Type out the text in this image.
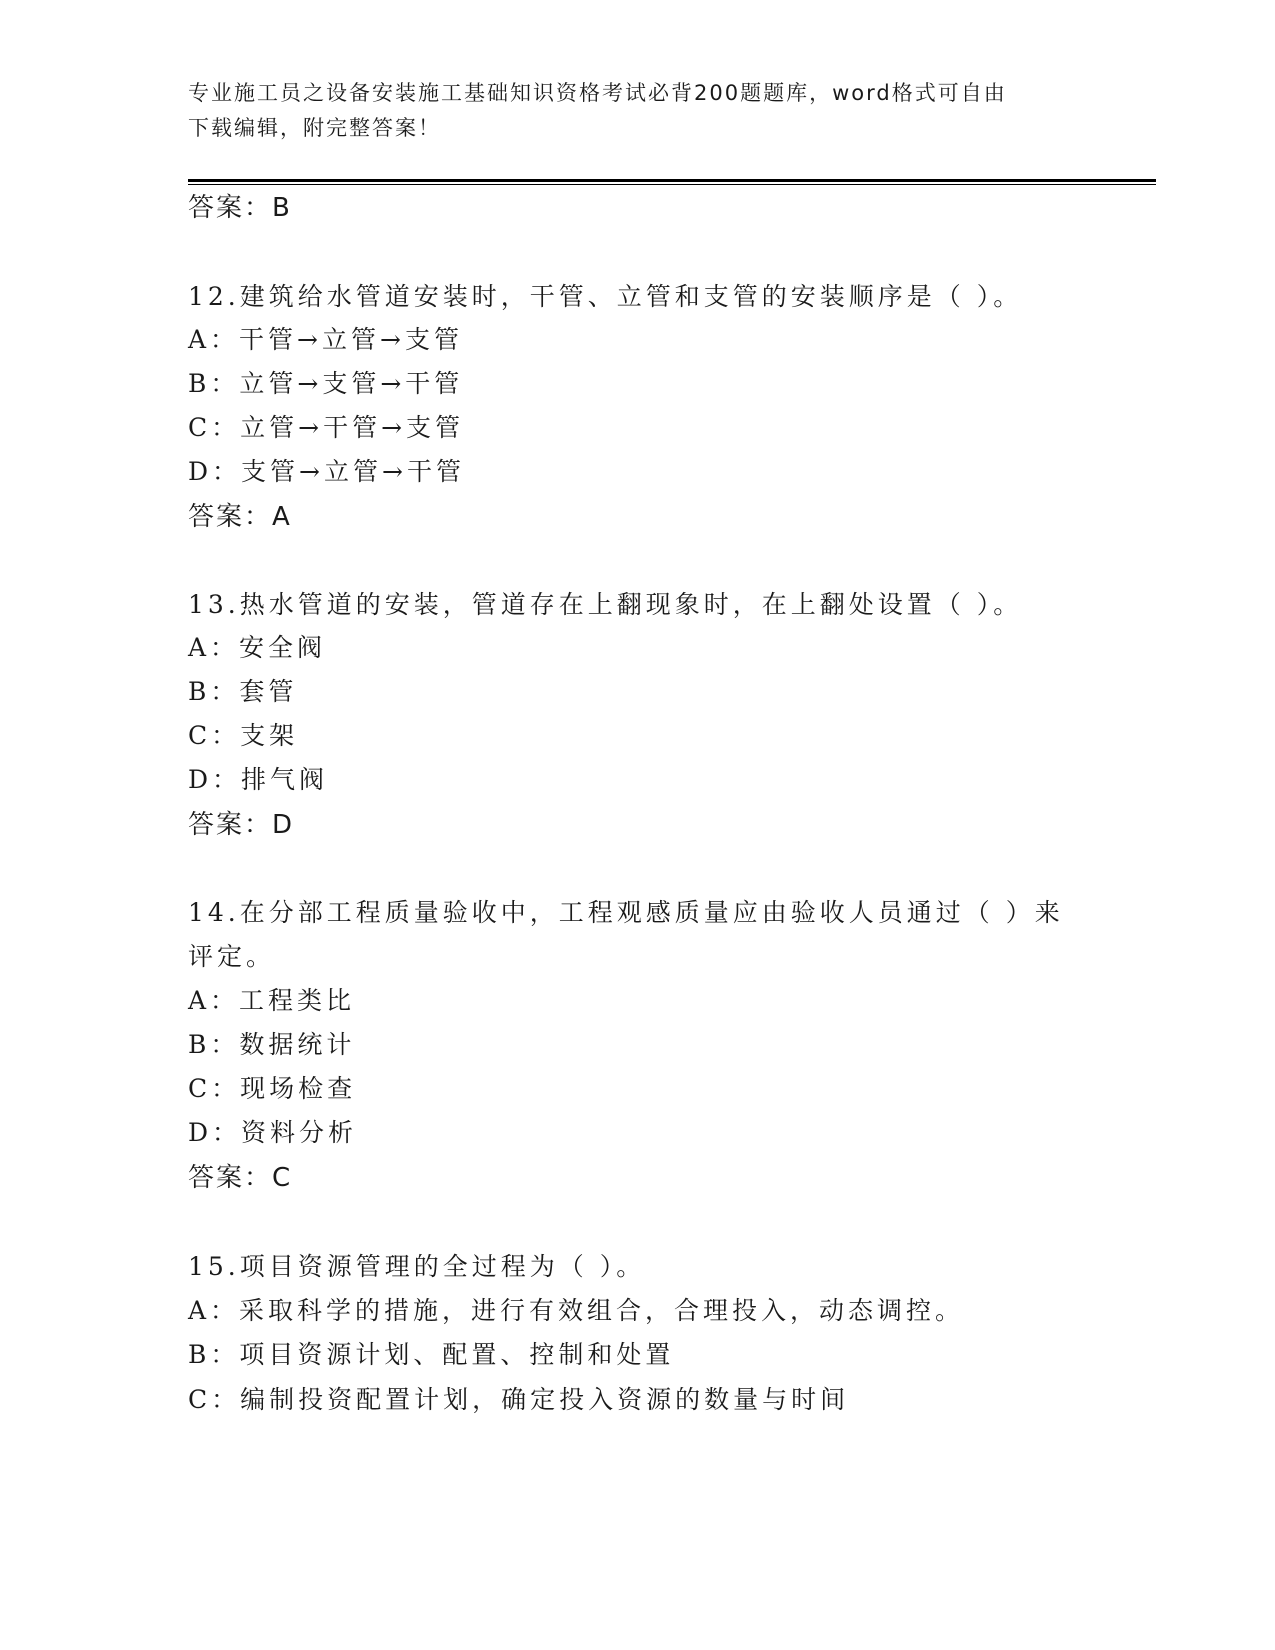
专业施工员之设备安装施工基础知识资格考试必背200题题库，word格式可自由
下载编辑，附完整答案！
答案：B
12.建筑给水管道安装时，干管、立管和支管的安装顺序是（ ）。
A：干管→立管→支管
B：立管→支管→干管
C：立管→干管→支管
D：支管→立管→干管
答案：A
13.热水管道的安装，管道存在上翻现象时，在上翻处设置（ ）。
A：安全阀
B：套管
C：支架
D：排气阀
答案：D
14.在分部工程质量验收中，工程观感质量应由验收人员通过（ ）来
评定。
A：工程类比
B：数据统计
C：现场检查
D：资料分析
答案：C
15.项目资源管理的全过程为（ ）。
A：采取科学的措施，进行有效组合，合理投入，动态调控。
B：项目资源计划、配置、控制和处置
C：编制投资配置计划，确定投入资源的数量与时间
